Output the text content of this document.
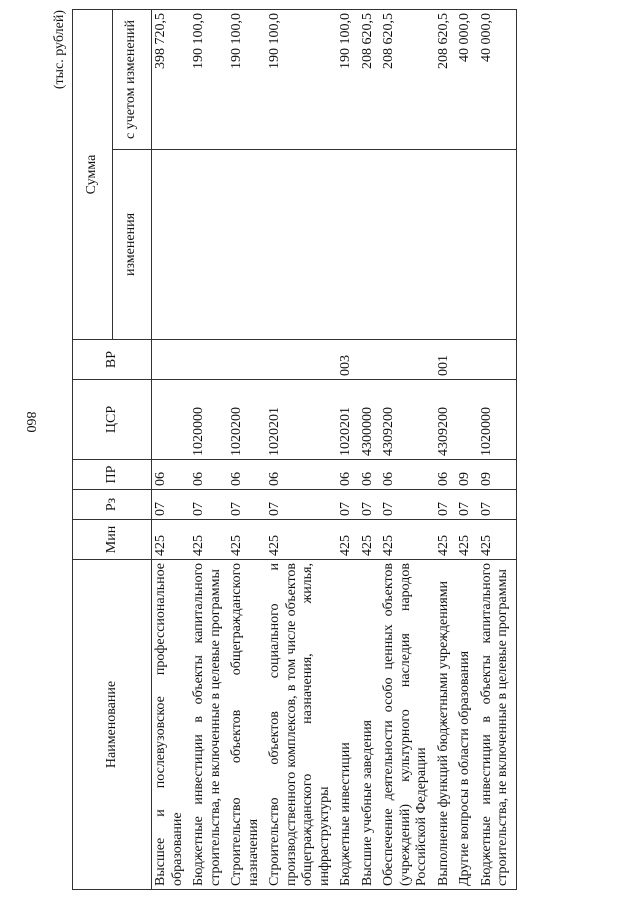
860
(тыс. рублей)
Наименование	Мин	Рз	ПР	ЦСР	ВР	Сумма	
						изменения	с учетом изменений
Высшее и послевузовское профессиональное образование	425	07	06				398 720,5
Бюджетные инвестиции в объекты капитального строительства, не включенные в целевые программы	425	07	06	1020000			190 100,0
Строительство объектов общегражданского назначения	425	07	06	1020200			190 100,0
Строительство объектов социального и производственного комплексов, в том числе объектов общегражданского назначения, жилья, инфраструктуры	425	07	06	1020201			190 100,0
Бюджетные инвестиции	425	07	06	1020201	003		190 100,0
Высшие учебные заведения	425	07	06	4300000			208 620,5
Обеспечение деятельности особо ценных объектов (учреждений) культурного наследия народов Российской Федерации	425	07	06	4309200			208 620,5
Выполнение функций бюджетными учреждениями	425	07	06	4309200	001		208 620,5
Другие вопросы в области образования	425	07	09				40 000,0
Бюджетные инвестиции в объекты капитального строительства, не включенные в целевые программы	425	07	09	1020000			40 000,0
